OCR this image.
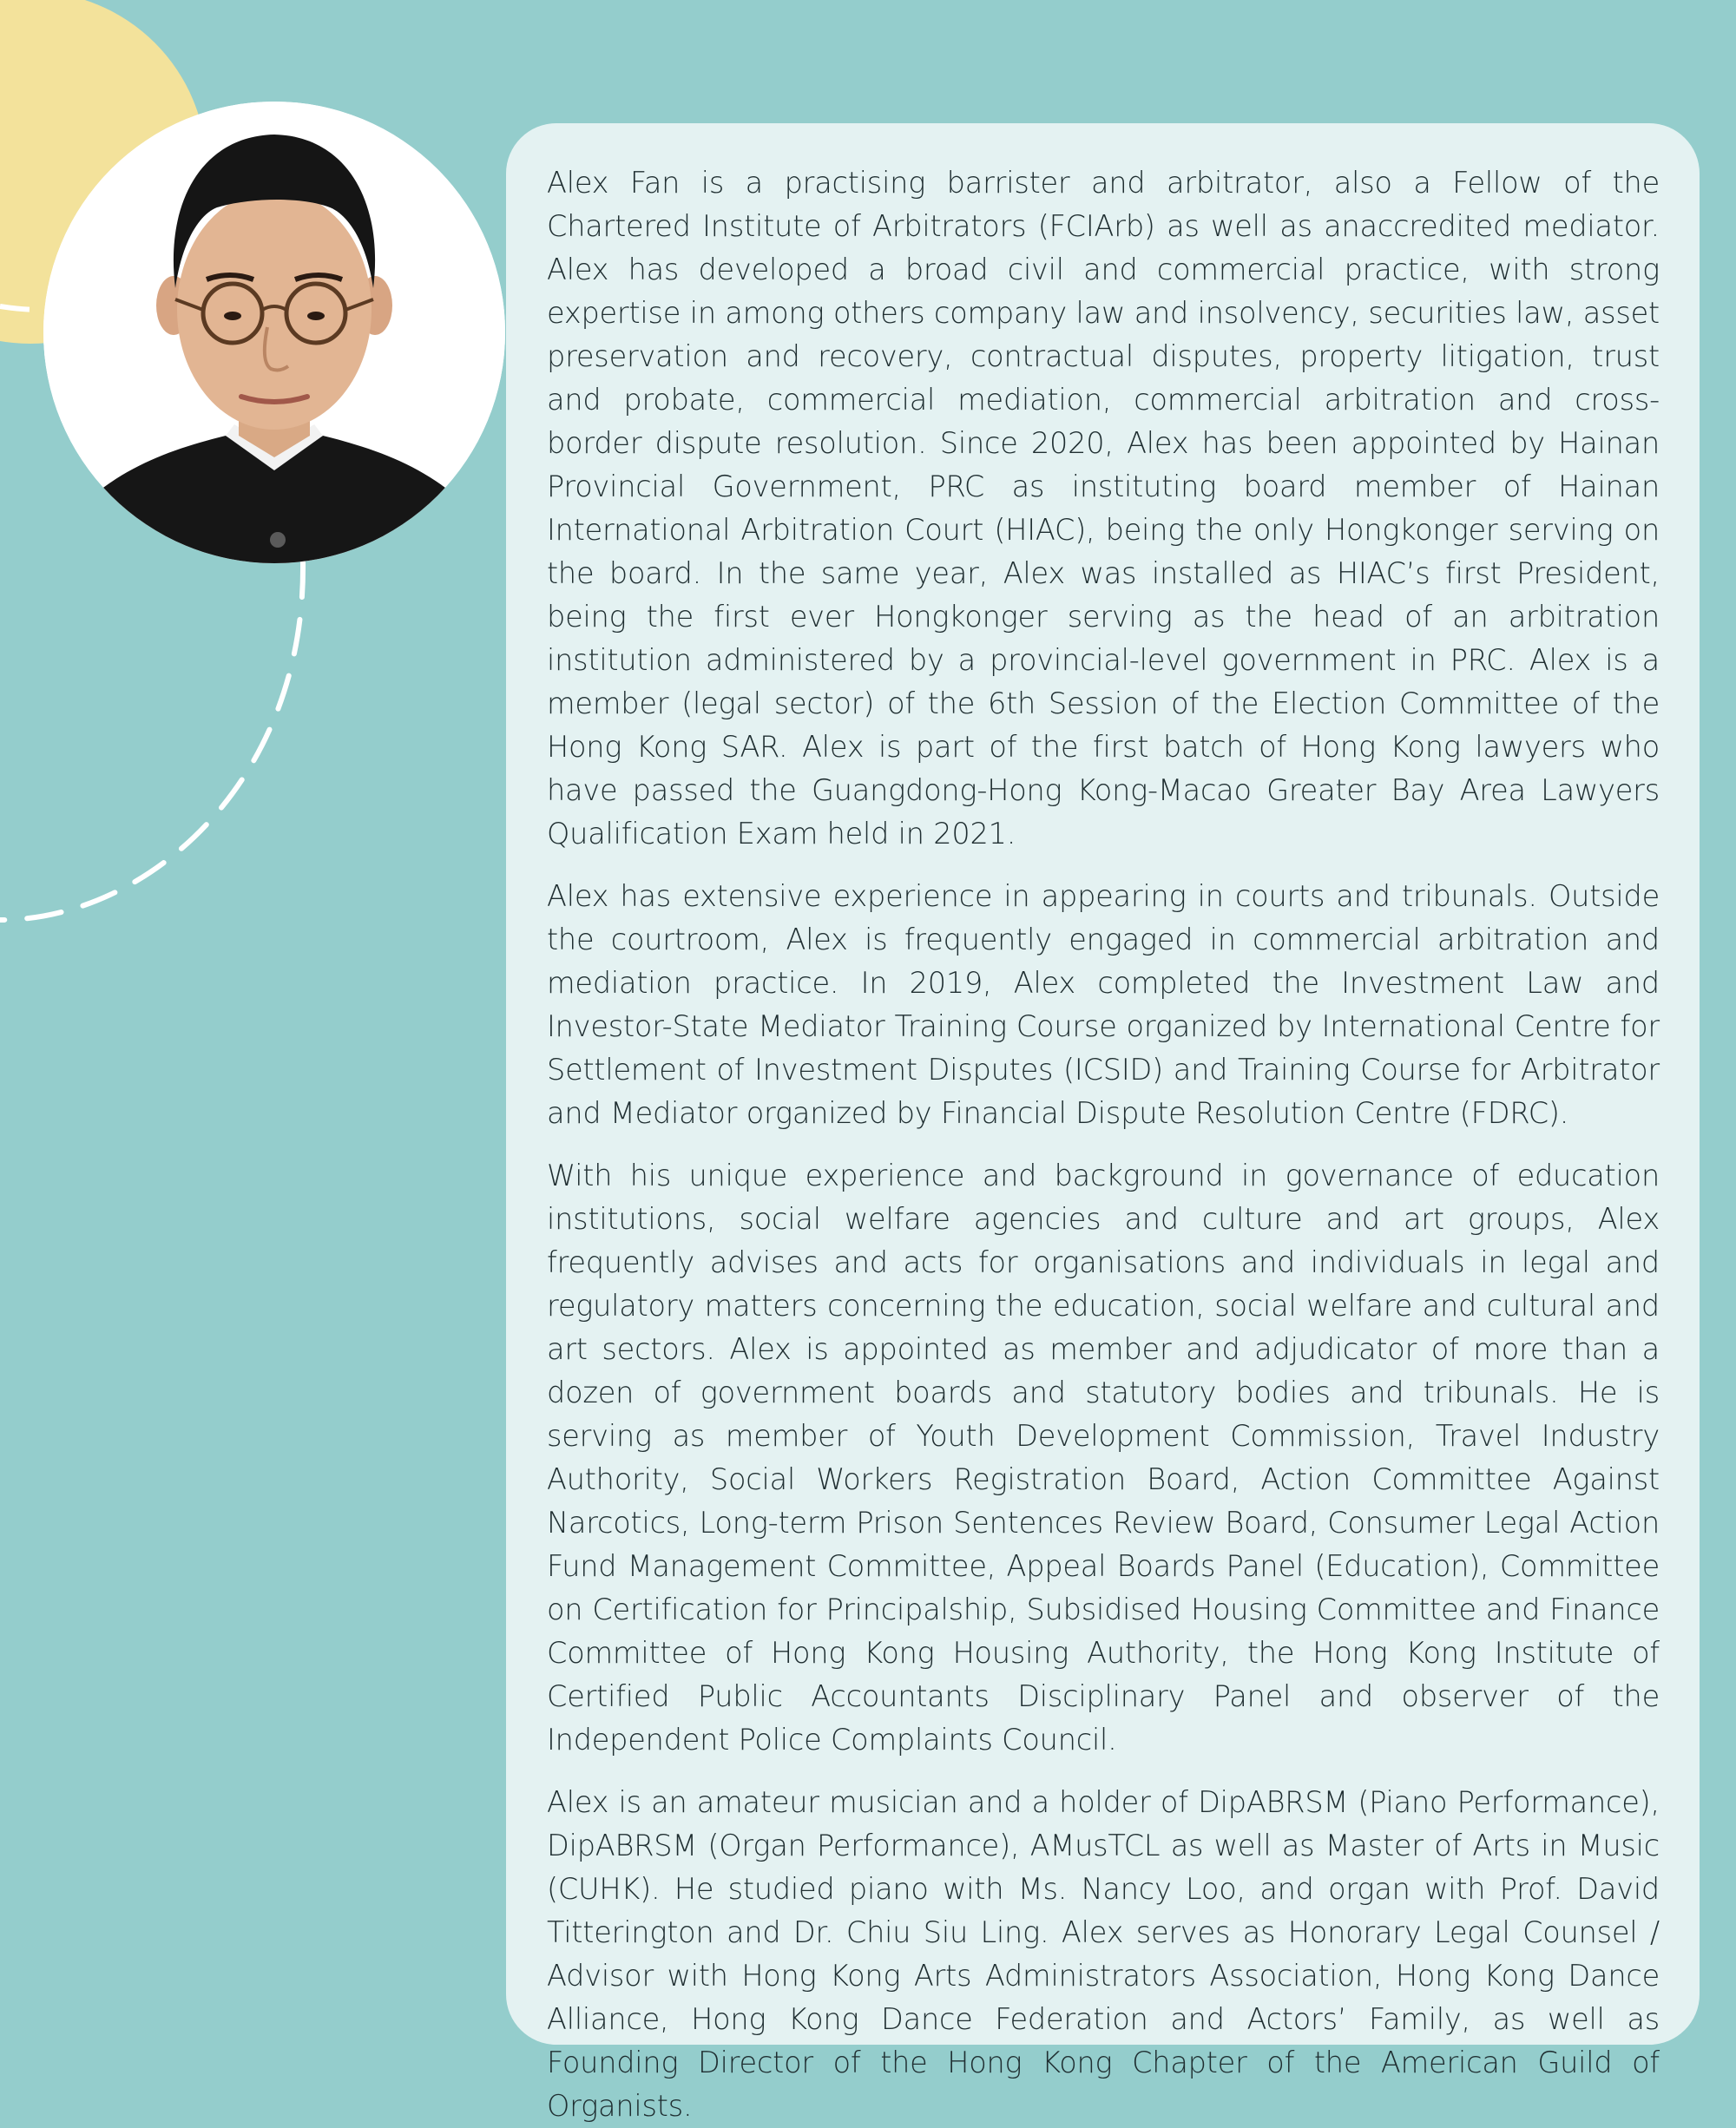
Alex Fan is a practising barrister and arbitrator, also a Fellow of the Chartered Institute of Arbitrators (FCIArb) as well as anaccredited mediator. Alex has developed a broad civil and commercial practice, with strong expertise in among others company law and insolvency, securities law, asset preservation and recovery, contractual disputes, property litigation, trust and probate, commercial mediation, commercial arbitration and cross-border dispute resolution. Since 2020, Alex has been appointed by Hainan Provincial Government, PRC as instituting board member of Hainan International Arbitration Court (HIAC), being the only Hongkonger serving on the board. In the same year, Alex was installed as HIAC’s first President, being the first ever Hongkonger serving as the head of an arbitration institution administered by a provincial-level government in PRC. Alex is a member (legal sector) of the 6th Session of the Election Committee of the Hong Kong SAR. Alex is part of the first batch of Hong Kong lawyers who have passed the Guangdong-Hong Kong-Macao Greater Bay Area Lawyers Qualification Exam held in 2021.

Alex has extensive experience in appearing in courts and tribunals. Outside the courtroom, Alex is frequently engaged in commercial arbitration and mediation practice. In 2019, Alex completed the Investment Law and Investor-State Mediator Training Course organized by International Centre for Settlement of Investment Disputes (ICSID) and Training Course for Arbitrator and Mediator organized by Financial Dispute Resolution Centre (FDRC).

With his unique experience and background in governance of education institutions, social welfare agencies and culture and art groups, Alex frequently advises and acts for organisations and individuals in legal and regulatory matters concerning the education, social welfare and cultural and art sectors. Alex is appointed as member and adjudicator of more than a dozen of government boards and statutory bodies and tribunals. He is serving as member of Youth Development Commission, Travel Industry Authority, Social Workers Registration Board, Action Committee Against Narcotics, Long-term Prison Sentences Review Board, Consumer Legal Action Fund Management Committee, Appeal Boards Panel (Education), Committee on Certification for Principalship, Subsidised Housing Committee and Finance Committee of Hong Kong Housing Authority, the Hong Kong Institute of Certified Public Accountants Disciplinary Panel and observer of the Independent Police Complaints Council.

Alex is an amateur musician and a holder of DipABRSM (Piano Performance), DipABRSM (Organ Performance), AMusTCL as well as Master of Arts in Music (CUHK). He studied piano with Ms. Nancy Loo, and organ with Prof. David Titterington and Dr. Chiu Siu Ling. Alex serves as Honorary Legal Counsel / Advisor with Hong Kong Arts Administrators Association, Hong Kong Dance Alliance, Hong Kong Dance Federation and Actors’ Family, as well as Founding Director of the Hong Kong Chapter of the American Guild of Organists.
